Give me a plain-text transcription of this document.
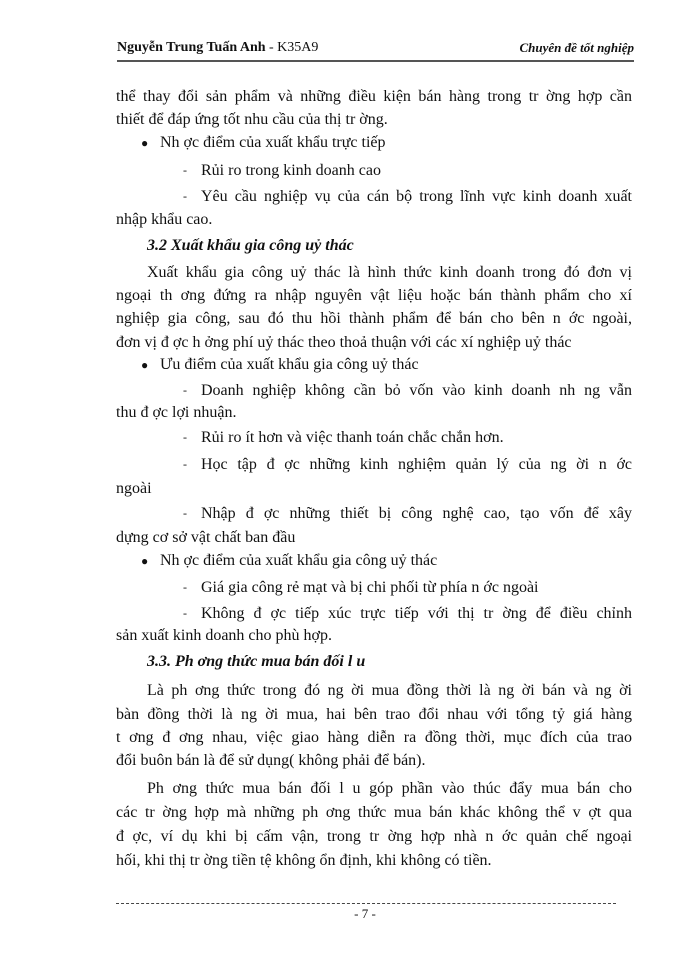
Nguyễn Trung Tuấn Anh - K35A9	Chuyên đề tốt nghiệp
thể thay đổi sản phẩm và những điều kiện bán hàng trong tr ờng hợp cần
thiết để đáp ứng tốt nhu cầu của thị tr ờng.
● Nh ợc điểm của xuất khẩu trực tiếp
- Rủi ro trong kinh doanh cao
- Yêu cầu nghiệp vụ của cán bộ trong lĩnh vực kinh doanh xuất
nhập khẩu cao.
3.2 Xuất khẩu gia công uỷ thác
Xuất khẩu gia công uỷ thác là hình thức kinh doanh trong đó đơn vị
ngoại th ơng đứng ra nhập nguyên vật liệu hoặc bán thành phẩm cho xí
nghiệp gia công, sau đó thu hồi thành phẩm để bán cho bên n ớc ngoài,
đơn vị đ ợc h ởng phí uỷ thác theo thoả thuận với các xí nghiệp uỷ thác
● Ưu điểm của xuất khẩu gia công uỷ thác
- Doanh nghiệp không cần bỏ vốn vào kinh doanh nh ng vẫn
thu đ ợc lợi nhuận.
- Rủi ro ít hơn và việc thanh toán chắc chắn hơn.
- Học tập đ ợc những kinh nghiệm quản lý của ng ời n ớc
ngoài
- Nhập đ ợc những thiết bị công nghệ cao, tạo vốn để xây
dựng cơ sở vật chất ban đầu
● Nh ợc điểm của xuất khẩu gia công uỷ thác
- Giá gia công rẻ mạt và bị chi phối từ phía n ớc ngoài
- Không đ ợc tiếp xúc trực tiếp với thị tr ờng để điều chỉnh
sản xuất kinh doanh cho phù hợp.
3.3. Ph ơng thức mua bán đối l u
Là ph ơng thức trong đó ng ời mua đồng thời là ng ời bán và ng ời
bàn đồng thời là ng ời mua, hai bên trao đổi nhau với tổng tỷ giá hàng
t ơng đ ơng nhau, việc giao hàng diễn ra đồng thời, mục đích của trao
đổi buôn bán là để sử dụng( không phải để bán).
Ph ơng thức mua bán đối l u góp phần vào thúc đẩy mua bán cho
các tr ờng hợp mà những ph ơng thức mua bán khác không thể v ợt qua
đ ợc, ví dụ khi bị cấm vận, trong tr ờng hợp nhà n ớc quản chế ngoại
hối, khi thị tr ờng tiền tệ không ổn định, khi không có tiền.
- 7 -
